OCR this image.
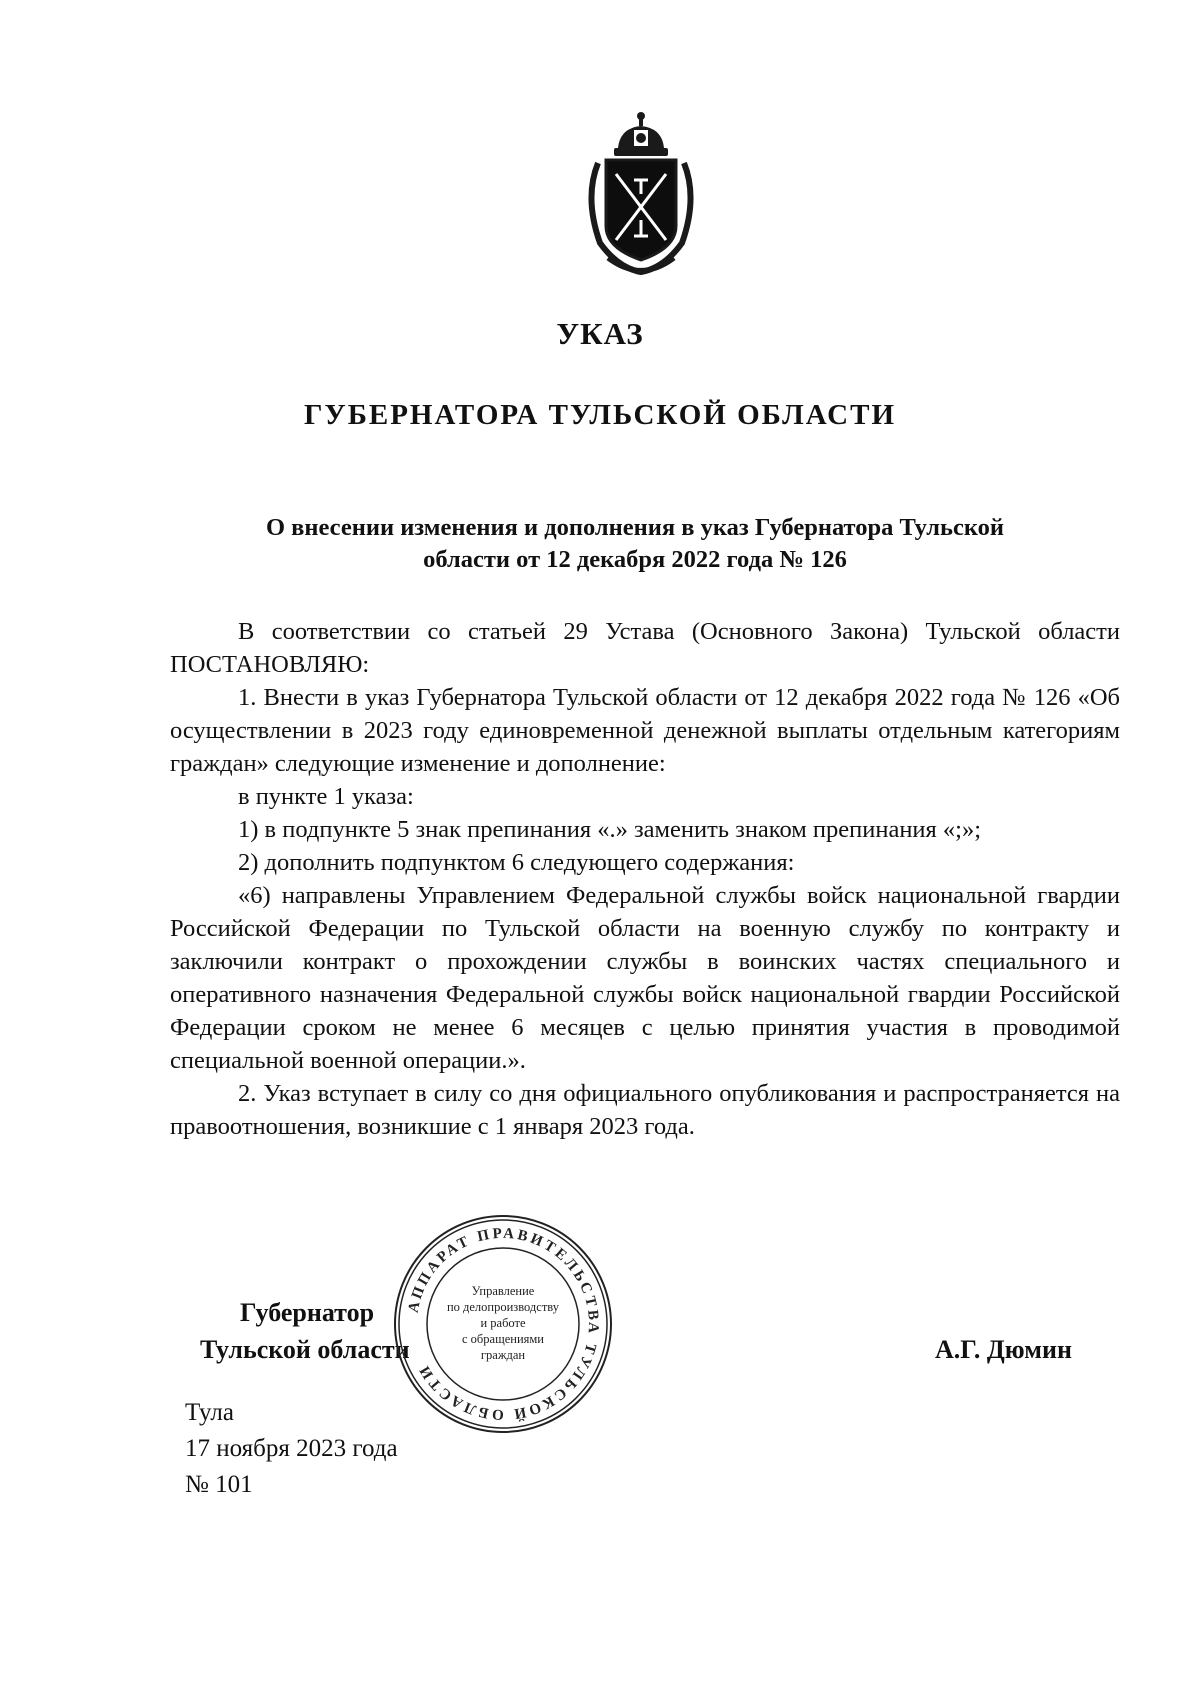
УКАЗ
ГУБЕРНАТОРА ТУЛЬСКОЙ ОБЛАСТИ
О внесении изменения и дополнения в указ Губернатора Тульской
области от 12 декабря 2022 года № 126

В соответствии со статьей 29 Устава (Основного Закона) Тульской области ПОСТАНОВЛЯЮ:

1. Внести в указ Губернатора Тульской области от 12 декабря 2022 года № 126 «Об осуществлении в 2023 году единовременной денежной выплаты отдельным категориям граждан» следующие изменение и дополнение:

в пункте 1 указа:

1) в подпункте 5 знак препинания «.» заменить знаком препинания «;»;

2) дополнить подпунктом 6 следующего содержания:

«6) направлены Управлением Федеральной службы войск национальной гвардии Российской Федерации по Тульской области на военную службу по контракту и заключили контракт о прохождении службы в воинских частях специального и оперативного назначения Федеральной службы войск национальной гвардии Российской Федерации сроком не менее 6 месяцев с целью принятия участия в проводимой специальной военной операции.».

2. Указ вступает в силу со дня официального опубликования и распространяется на правоотношения, возникшие с 1 января 2023 года.

Губернатор
Тульской области	А.Г. Дюмин
Тула
17 ноября 2023 года
№ 101
АППАРАТ ПРАВИТЕЛЬСТВА ТУЛЬСКОЙ ОБЛАСТИ
Управление
по делопроизводству
и работе
с обращениями
граждан
